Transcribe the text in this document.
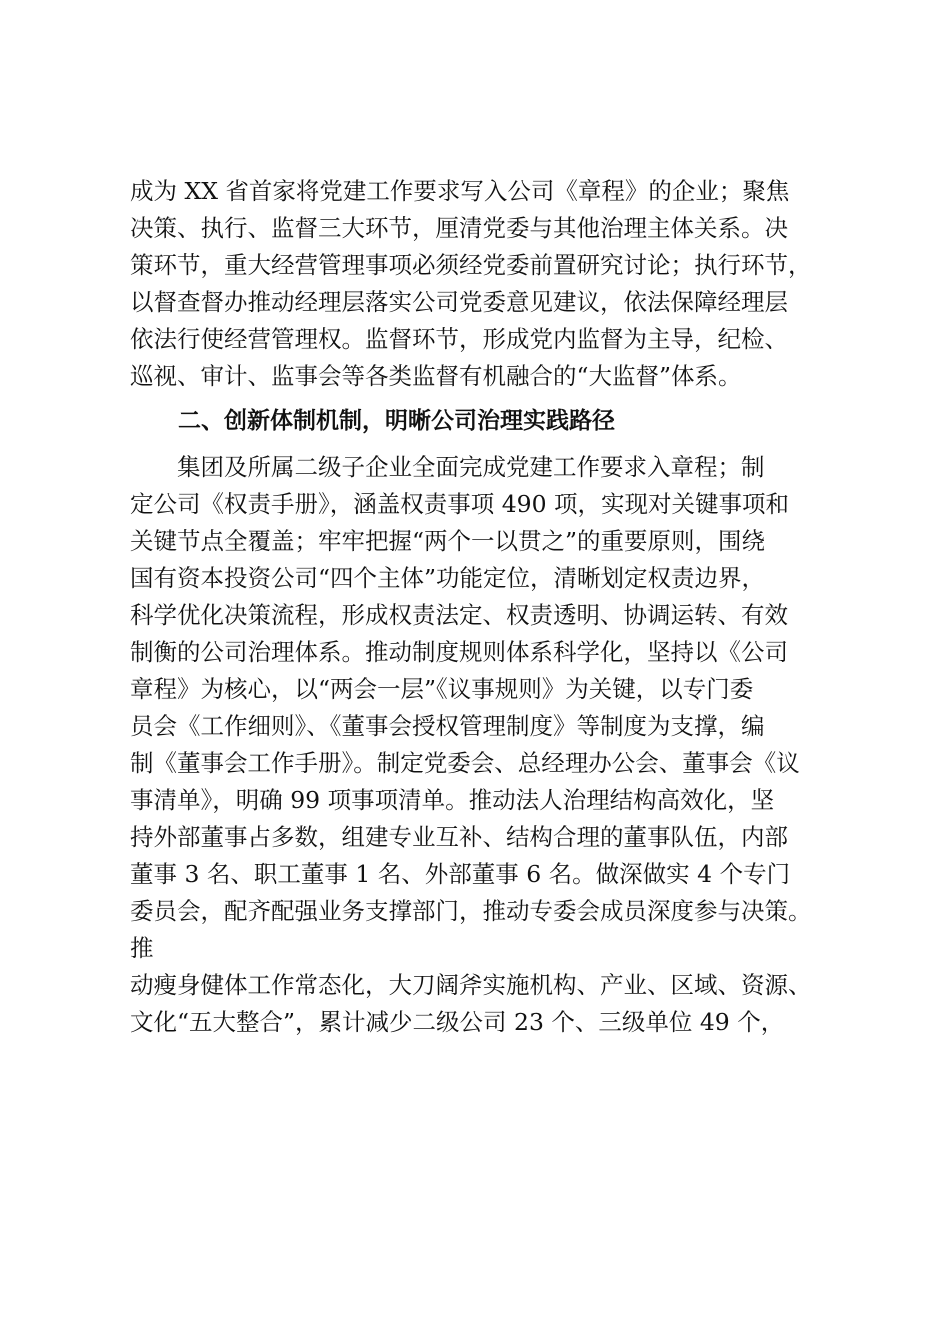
成为 XX 省首家将党建工作要求写入公司《章程》的企业；聚焦
决策、执行、监督三大环节，厘清党委与其他治理主体关系。决
策环节，重大经营管理事项必须经党委前置研究讨论；执行环节，
以督查督办推动经理层落实公司党委意见建议，依法保障经理层
依法行使经营管理权。监督环节，形成党内监督为主导，纪检、
巡视、审计、监事会等各类监督有机融合的“大监督”体系。
二、创新体制机制，明晰公司治理实践路径
集团及所属二级子企业全面完成党建工作要求入章程；制
定公司《权责手册》，涵盖权责事项 490 项，实现对关键事项和
关键节点全覆盖；牢牢把握“两个一以贯之”的重要原则，围绕
国有资本投资公司“四个主体”功能定位，清晰划定权责边界，
科学优化决策流程，形成权责法定、权责透明、协调运转、有效
制衡的公司治理体系。推动制度规则体系科学化，坚持以《公司
章程》为核心，以“两会一层”《议事规则》为关键，以专门委
员会《工作细则》、《董事会授权管理制度》等制度为支撑，编
制《董事会工作手册》。制定党委会、总经理办公会、董事会《议
事清单》，明确 99 项事项清单。推动法人治理结构高效化，坚
持外部董事占多数，组建专业互补、结构合理的董事队伍，内部
董事 3 名、职工董事 1 名、外部董事 6 名。做深做实 4 个专门
委员会，配齐配强业务支撑部门，推动专委会成员深度参与决策。
推
动瘦身健体工作常态化，大刀阔斧实施机构、产业、区域、资源、
文化“五大整合”，累计减少二级公司 23 个、三级单位 49 个，
